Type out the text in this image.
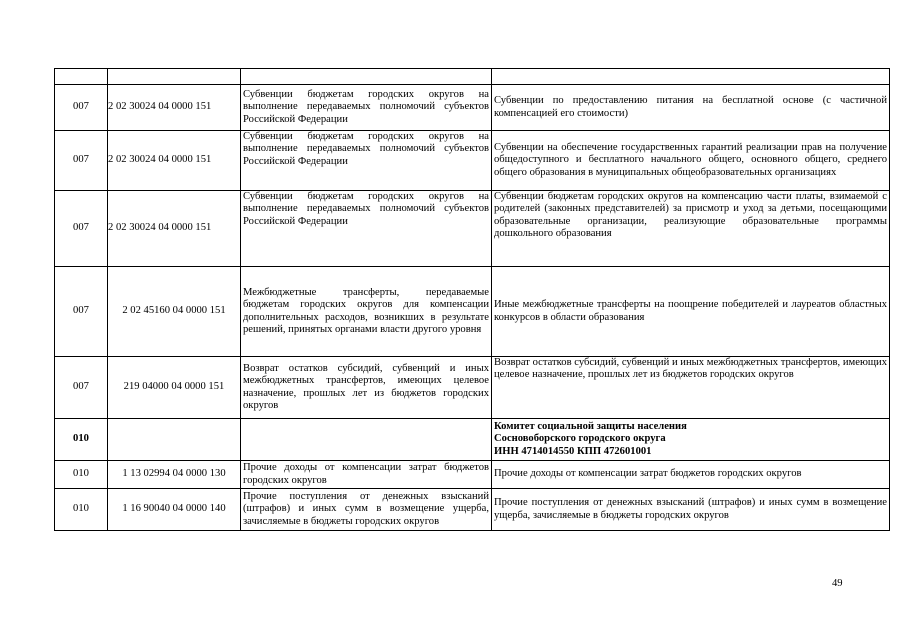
007	2 02 30024 04 0000 151	Субвенции бюджетам городских округов на выполнение передаваемых полномочий субъектов Российской Федерации	Субвенции по предоставлению питания на бесплатной основе (с частичной компенсацией его стоимости)
007	2 02 30024 04 0000 151	Субвенции бюджетам городских округов на выполнение передаваемых полномочий субъектов Российской Федерации	Субвенции на обеспечение государственных гарантий реализации прав на получение общедоступного и бесплатного начального общего, основного общего, среднего общего образования в муниципальных общеобразовательных организациях
007	2 02 30024 04 0000 151	Субвенции бюджетам городских округов на выполнение передаваемых полномочий субъектов Российской Федерации	Субвенции бюджетам городских округов на компенсацию части платы, взимаемой с родителей (законных представителей) за присмотр и уход за детьми, посещающими образовательные организации, реализующие образовательные программы дошкольного образования
007	2 02 45160 04 0000 151	Межбюджетные трансферты, передаваемые бюджетам городских округов для компенсации дополнительных расходов, возникших в результате решений, принятых органами власти другого уровня	Иные межбюджетные трансферты на поощрение победителей и лауреатов областных конкурсов в области образования
007	219 04000 04 0000 151	Возврат остатков субсидий, субвенций и иных межбюджетных трансфертов, имеющих целевое назначение, прошлых лет из бюджетов городских округов	Возврат остатков субсидий, субвенций и иных межбюджетных трансфертов, имеющих целевое назначение, прошлых лет из бюджетов городских округов
010			Комитет социальной защиты населения
Сосновоборского городского округа
ИНН 4714014550 КПП 472601001

010	1 13 02994 04 0000 130	Прочие доходы от компенсации затрат бюджетов городских округов	Прочие доходы от компенсации затрат бюджетов городских округов
010	1 16 90040 04 0000 140	Прочие поступления от денежных взысканий (штрафов) и иных сумм в возмещение ущерба, зачисляемые в бюджеты городских округов	Прочие поступления от денежных взысканий (штрафов) и иных сумм в возмещение ущерба, зачисляемые в бюджеты городских округов
49
